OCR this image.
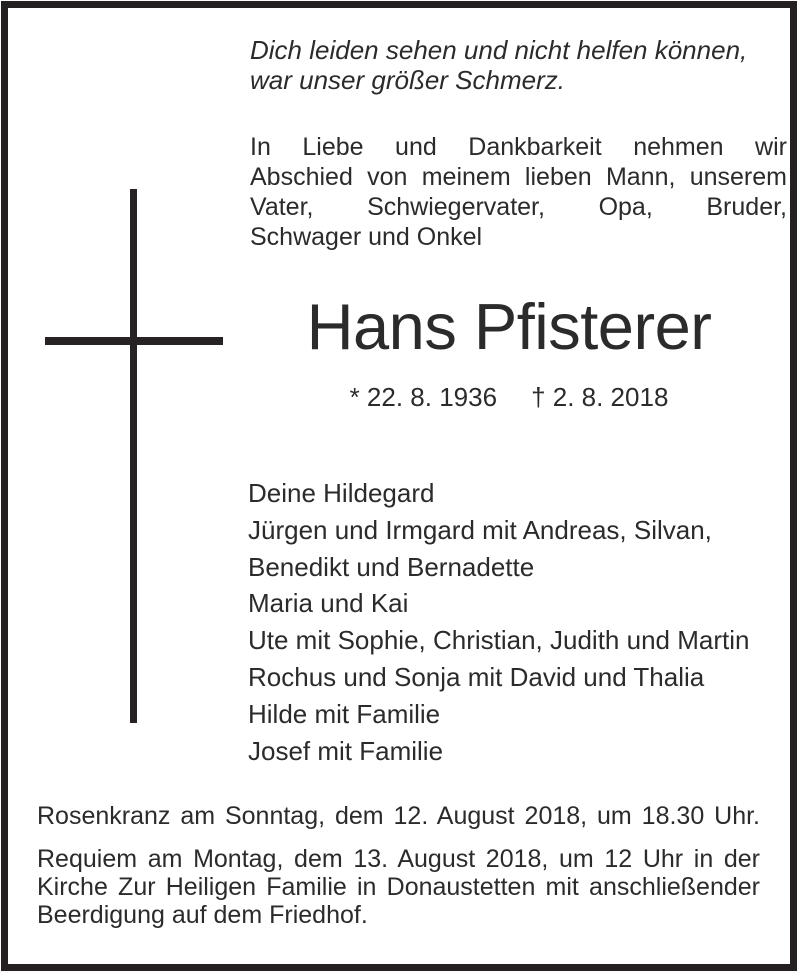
Dich leiden sehen und nicht helfen können,
war unser größer Schmerz.
In Liebe und Dankbarkeit nehmen wir
Abschied von meinem lieben Mann, unserem
Vater, Schwiegervater, Opa, Bruder,
Schwager und Onkel
Hans Pfisterer
* 22. 8. 1936 † 2. 8. 2018
Deine Hildegard
Jürgen und Irmgard mit Andreas, Silvan,
Benedikt und Bernadette
Maria und Kai
Ute mit Sophie, Christian, Judith und Martin
Rochus und Sonja mit David und Thalia
Hilde mit Familie
Josef mit Familie
Rosenkranz am Sonntag, dem 12. August 2018, um 18.30 Uhr.
Requiem am Montag, dem 13. August 2018, um 12 Uhr in der
Kirche Zur Heiligen Familie in Donaustetten mit anschließender
Beerdigung auf dem Friedhof.
